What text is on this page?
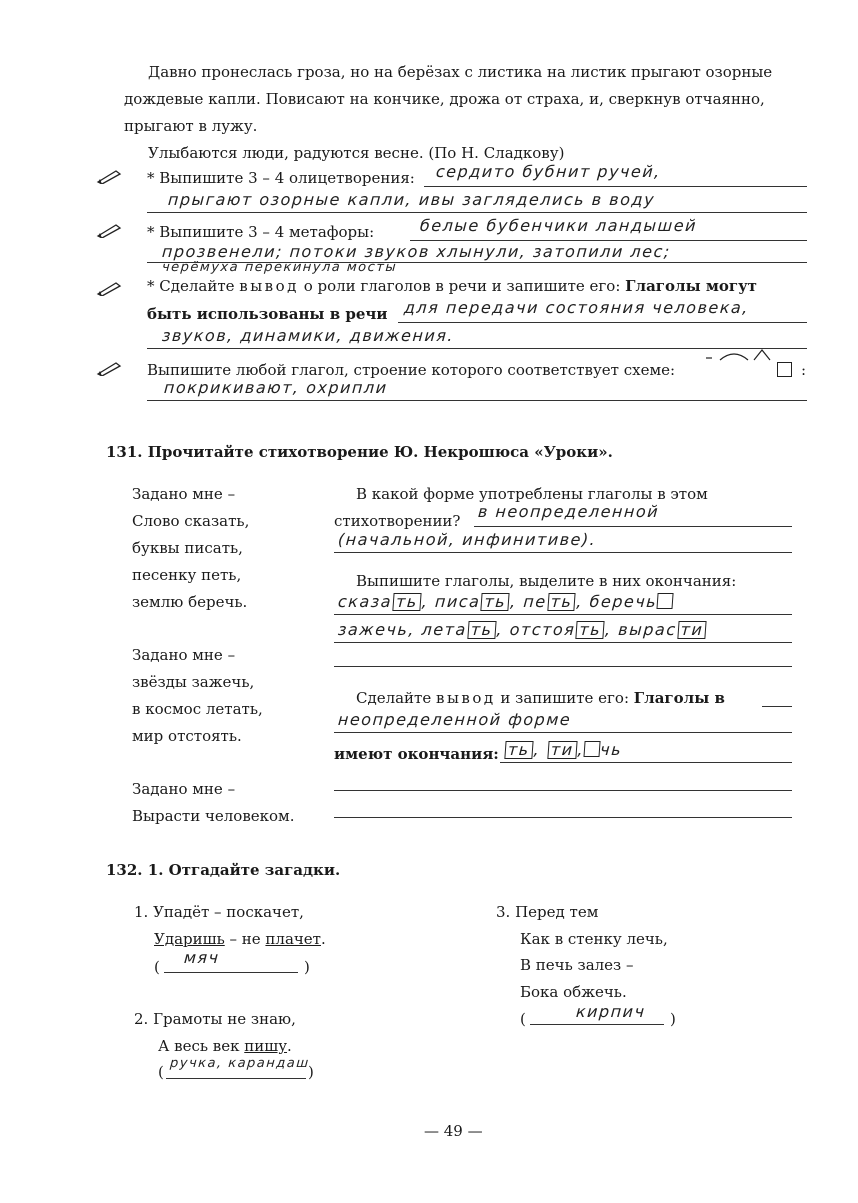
Давно пронеслась гроза, но на берёзах с листика на листик прыгают озорные
дождевые капли. Повисают на кончике, дрожа от страха, и, сверкнув отчаянно,
прыгают в лужу.
Улыбаются люди, радуются весне. (По Н. Сладкову)
* Выпишите 3 – 4 олицетворения: сердито бубнит ручей,
прыгают озорные капли, ивы загляделись в воду
* Выпишите 3 – 4 метафоры:	белые бубенчики ландышей
прозвенели; потоки звуков хлынули, затопили лес;
черёмуха перекинула мосты
* Сделайте вывод о роли глаголов в речи и запишите его: Глаголы могут
быть использованы в речи для передачи состояния человека,
звуков, динамики, движения.
Выпишите любой глагол, строение которого соответствует схеме:	:
покрикивают, охрипли
131. Прочитайте стихотворение Ю. Некрошюса «Уроки».
Задано мне –
Слово сказать,
буквы писать,
песенку петь,
землю беречь.
Задано мне –
звёзды зажечь,
в космос летать,
мир отстоять.
Задано мне –
Вырасти человеком.
В какой форме употреблены глаголы в этом
стихотворении? в неопределенной
(начальной, инфинитиве).
Выпишите глаголы, выделите в них окончания:
сказа ть , писа ть , пе ть , беречь
зажечь, лета ть , отстоя ть , вырас ти
Сделайте вывод и запишите его: Глаголы в
неопределенной форме
имеют окончания: ть , ти , чь
132. 1. Отгадайте загадки.
1. Упадёт – поскачет,
Ударишь – не плачет.
( мяч	)
2. Грамоты не знаю,
А весь век пишу.
( ручка, карандаш
)
3. Перед тем
Как в стенку лечь,
В печь залез –
Бока обжечь.
(	кирпич )
— 49 —
